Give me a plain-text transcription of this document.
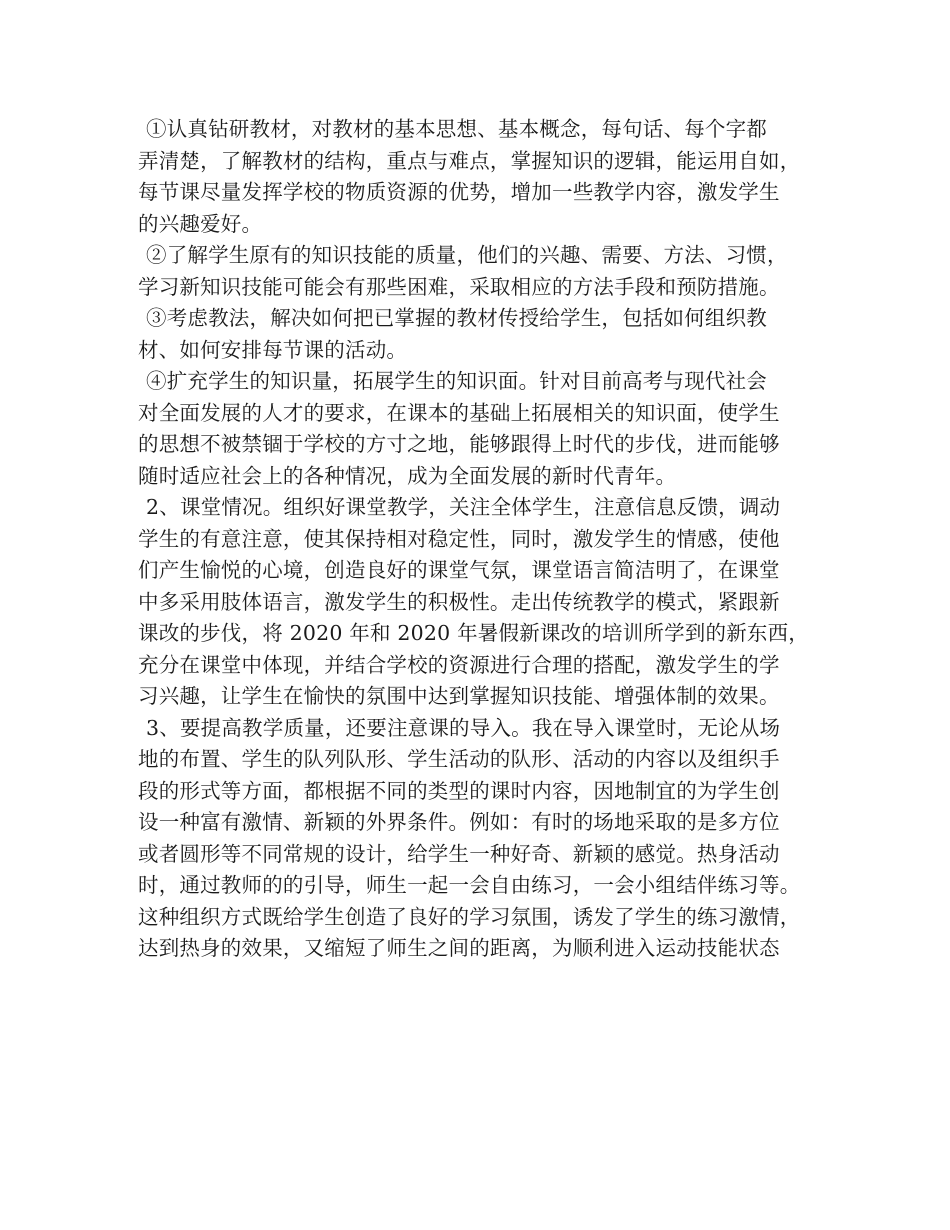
①认真钻研教材，对教材的基本思想、基本概念，每句话、每个字都
弄清楚，了解教材的结构，重点与难点，掌握知识的逻辑，能运用自如，
每节课尽量发挥学校的物质资源的优势，增加一些教学内容，激发学生
的兴趣爱好。
②了解学生原有的知识技能的质量，他们的兴趣、需要、方法、习惯，
学习新知识技能可能会有那些困难，采取相应的方法手段和预防措施。
③考虑教法，解决如何把已掌握的教材传授给学生，包括如何组织教
材、如何安排每节课的活动。
④扩充学生的知识量，拓展学生的知识面。针对目前高考与现代社会
对全面发展的人才的要求，在课本的基础上拓展相关的知识面，使学生
的思想不被禁锢于学校的方寸之地，能够跟得上时代的步伐，进而能够
随时适应社会上的各种情况，成为全面发展的新时代青年。
2、课堂情况。组织好课堂教学，关注全体学生，注意信息反馈，调动
学生的有意注意，使其保持相对稳定性，同时，激发学生的情感，使他
们产生愉悦的心境，创造良好的课堂气氛，课堂语言简洁明了，在课堂
中多采用肢体语言，激发学生的积极性。走出传统教学的模式，紧跟新
课改的步伐，将 2020 年和 2020 年暑假新课改的培训所学到的新东西，
充分在课堂中体现，并结合学校的资源进行合理的搭配，激发学生的学
习兴趣，让学生在愉快的氛围中达到掌握知识技能、增强体制的效果。
3、要提高教学质量，还要注意课的导入。我在导入课堂时，无论从场
地的布置、学生的队列队形、学生活动的队形、活动的内容以及组织手
段的形式等方面，都根据不同的类型的课时内容，因地制宜的为学生创
设一种富有激情、新颖的外界条件。例如：有时的场地采取的是多方位
或者圆形等不同常规的设计，给学生一种好奇、新颖的感觉。热身活动
时，通过教师的的引导，师生一起一会自由练习，一会小组结伴练习等。
这种组织方式既给学生创造了良好的学习氛围，诱发了学生的练习激情，
达到热身的效果，又缩短了师生之间的距离，为顺利进入运动技能状态
